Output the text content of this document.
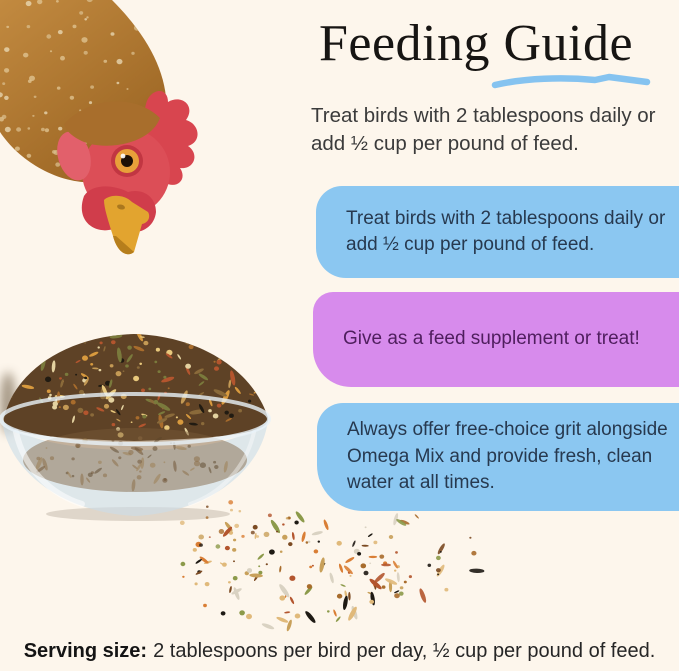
Feeding Guide
Treat birds with 2 tablespoons daily or add ½ cup per pound of feed.
Treat birds with 2 tablespoons daily or add ½ cup per pound of feed.
Give as a feed supplement or treat!
Always offer free-choice grit alongside Omega Mix and provide fresh, clean water at all times.
Serving size: 2 tablespoons per bird per day, ½ cup per pound of feed.
